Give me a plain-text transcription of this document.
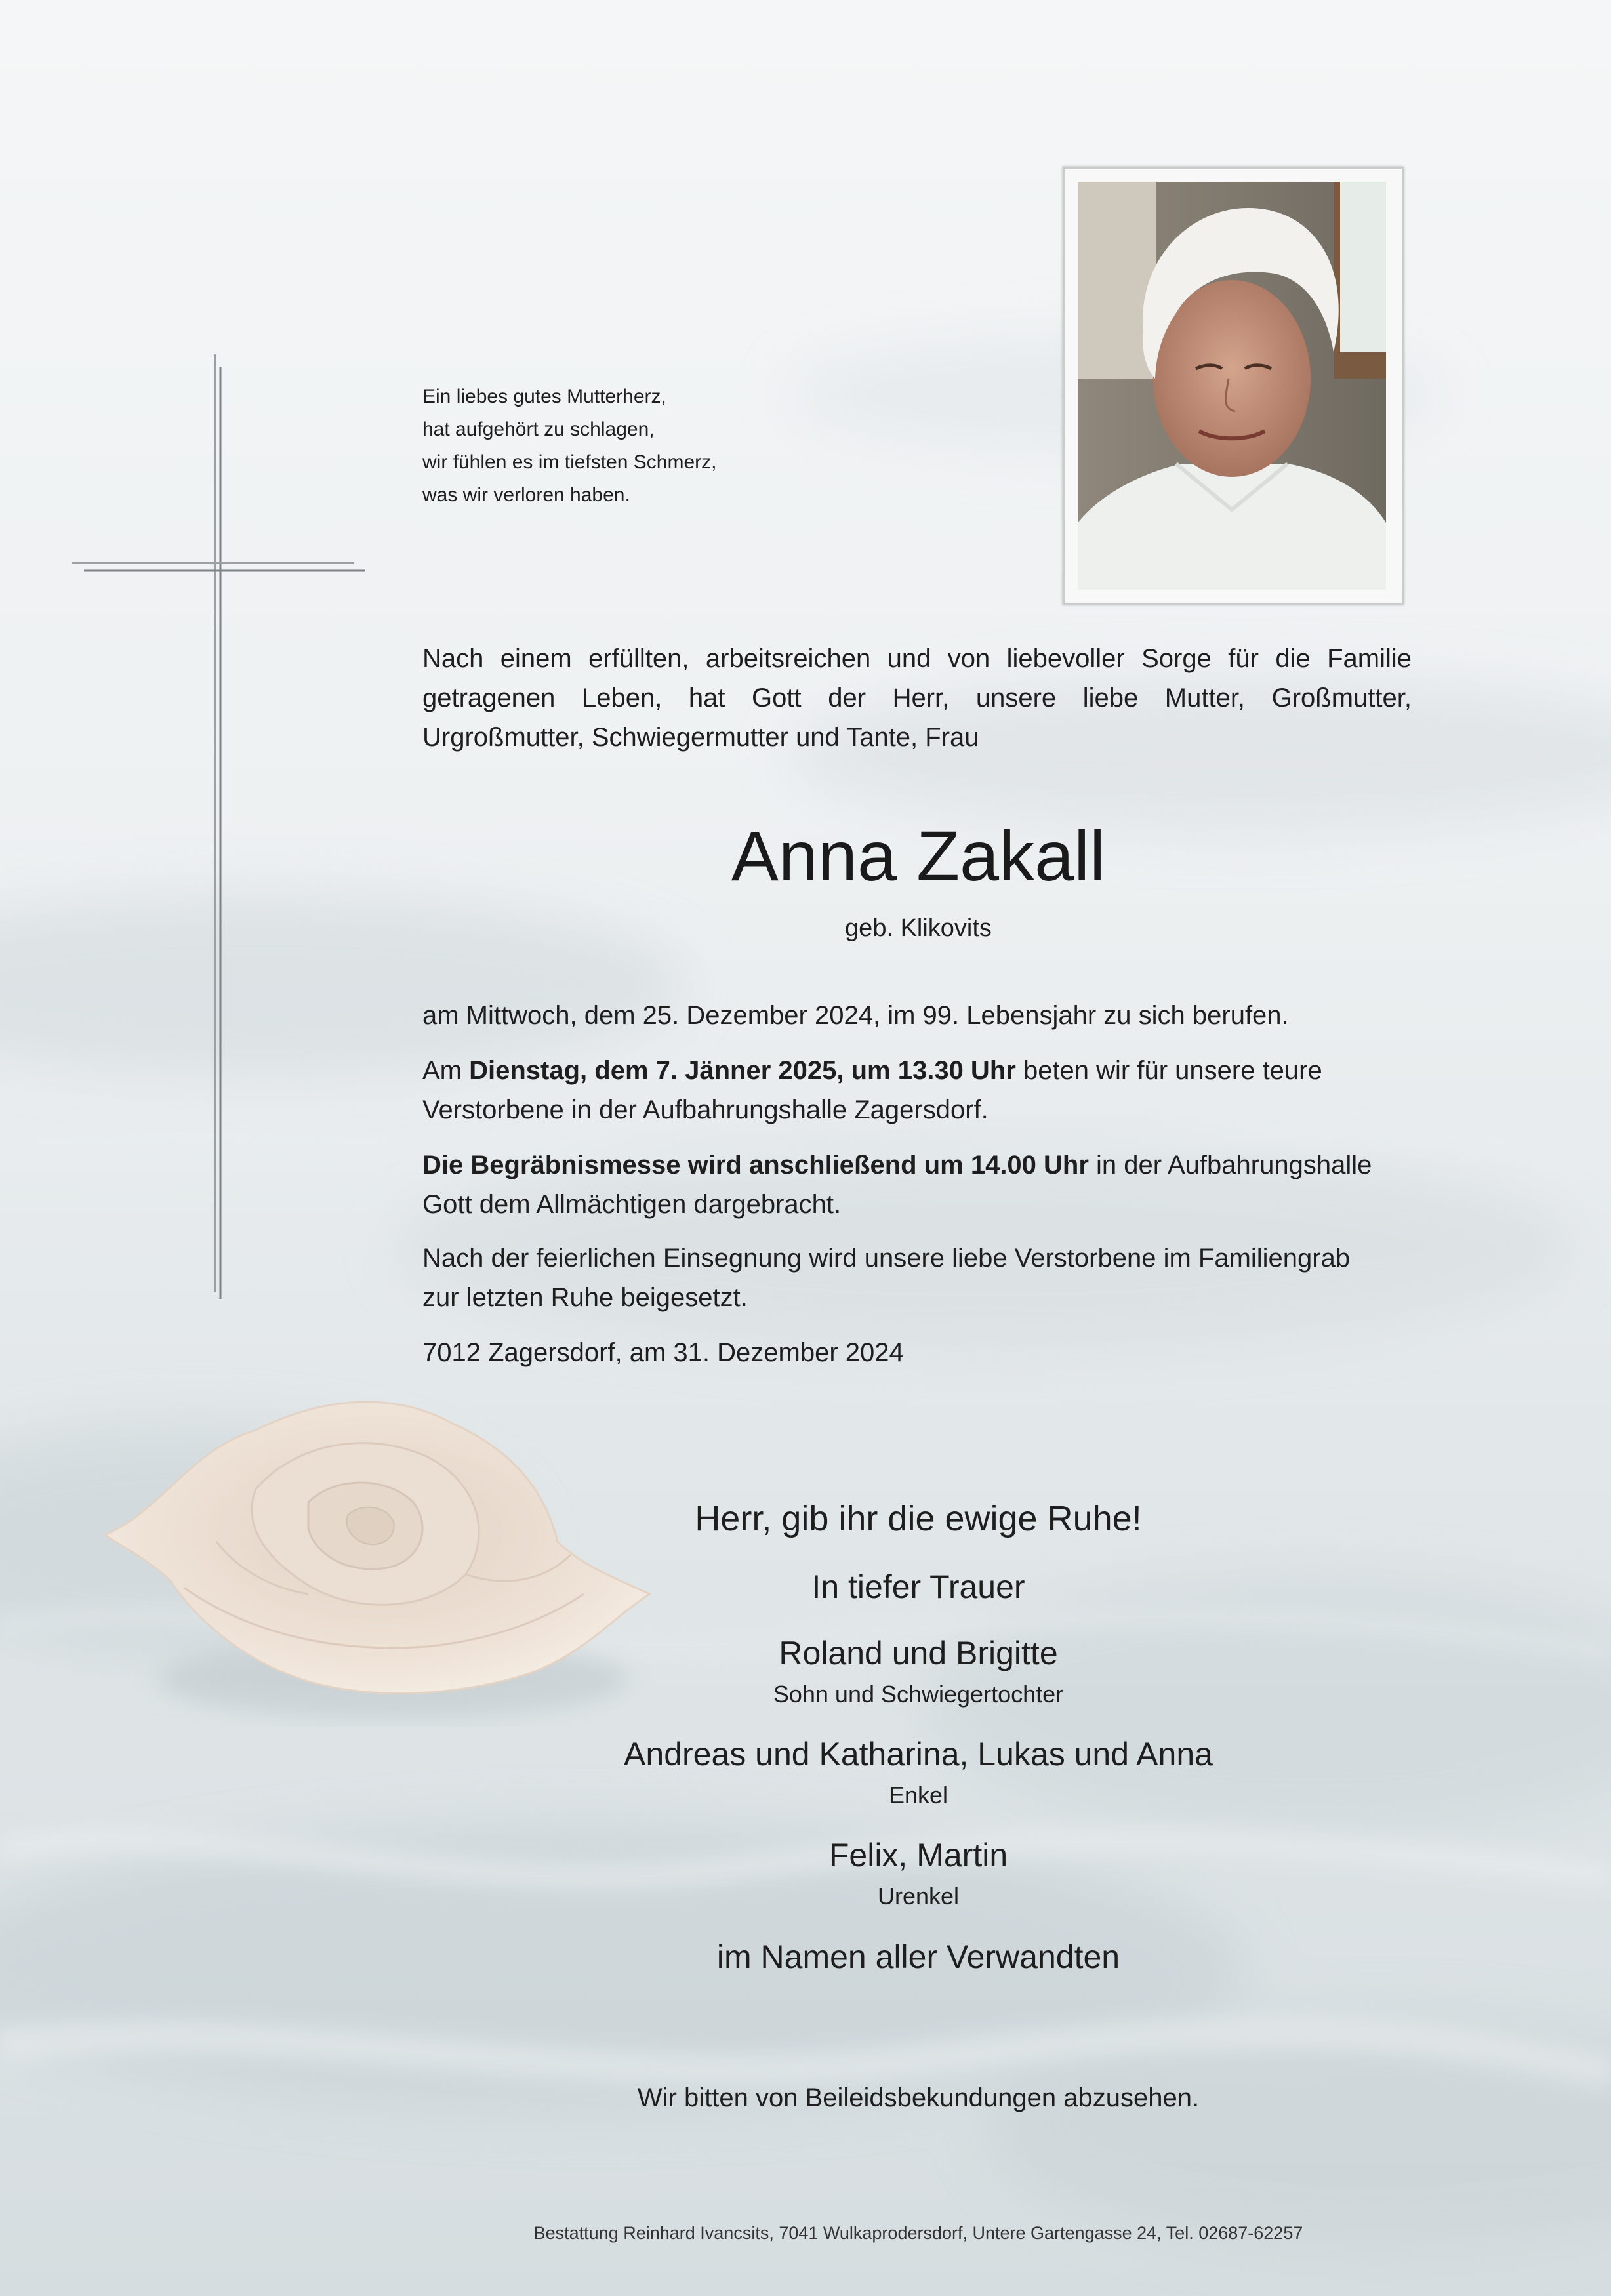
Ein liebes gutes Mutterherz,
hat aufgehört zu schlagen,
wir fühlen es im tiefsten Schmerz,
was wir verloren haben.
Nach einem erfüllten, arbeitsreichen und von liebevoller Sorge für die Familie
getragenen Leben, hat Gott der Herr, unsere liebe Mutter, Großmutter,
Urgroßmutter, Schwiegermutter und Tante, Frau
Anna Zakall
geb. Klikovits
am Mittwoch, dem 25. Dezember 2024, im 99. Lebensjahr zu sich berufen.
Am Dienstag, dem 7. Jänner 2025, um 13.30 Uhr beten wir für unsere teure
Verstorbene in der Aufbahrungshalle Zagersdorf.
Die Begräbnismesse wird anschließend um 14.00 Uhr in der Aufbahrungshalle
Gott dem Allmächtigen dargebracht.
Nach der feierlichen Einsegnung wird unsere liebe Verstorbene im Familiengrab
zur letzten Ruhe beigesetzt.
7012 Zagersdorf, am 31. Dezember 2024
Herr, gib ihr die ewige Ruhe!
In tiefer Trauer
Roland und Brigitte
Sohn und Schwiegertochter
Andreas und Katharina, Lukas und Anna
Enkel
Felix, Martin
Urenkel
im Namen aller Verwandten
Wir bitten von Beileidsbekundungen abzusehen.
Bestattung Reinhard Ivancsits, 7041 Wulkaprodersdorf, Untere Gartengasse 24, Tel. 02687-62257
